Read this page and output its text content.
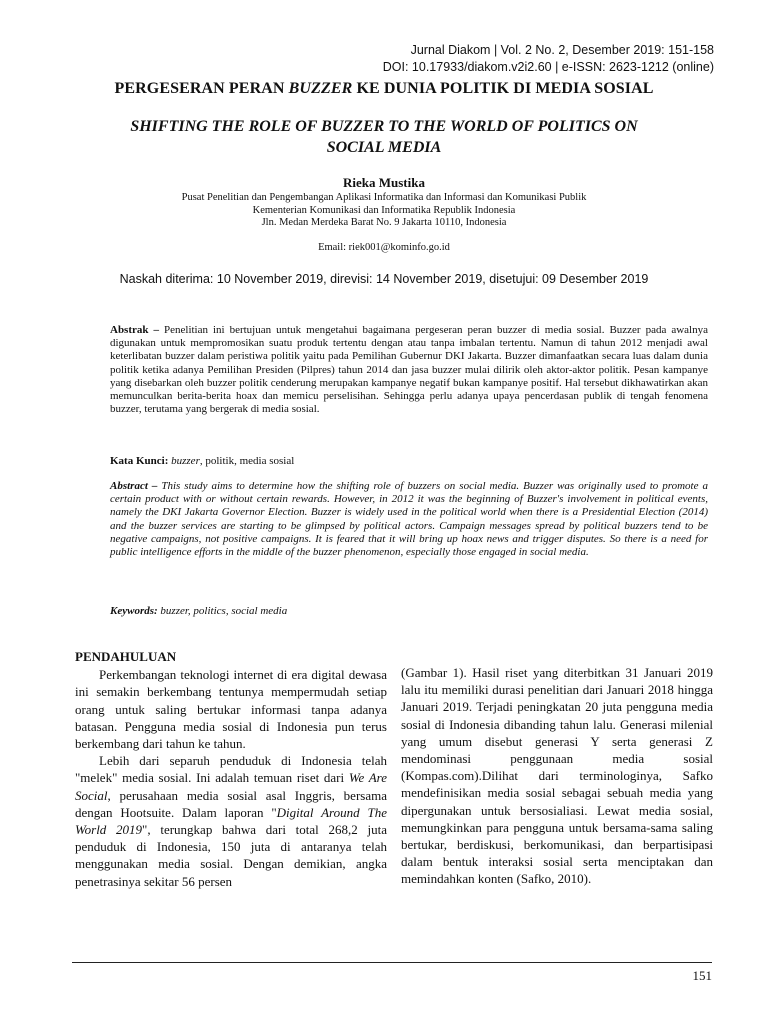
Jurnal Diakom | Vol. 2 No. 2, Desember 2019: 151-158
DOI: 10.17933/diakom.v2i2.60 | e-ISSN: 2623-1212 (online)
PERGESERAN PERAN BUZZER KE DUNIA POLITIK DI MEDIA SOSIAL
SHIFTING THE ROLE OF BUZZER TO THE WORLD OF POLITICS ON
SOCIAL MEDIA
Rieka Mustika
Pusat Penelitian dan Pengembangan Aplikasi Informatika dan Informasi dan Komunikasi Publik
Kementerian Komunikasi dan Informatika Republik Indonesia
Jln. Medan Merdeka Barat No. 9 Jakarta 10110, Indonesia
Email: riek001@kominfo.go.id
Naskah diterima: 10 November 2019, direvisi: 14 November 2019, disetujui: 09 Desember 2019
Abstrak – Penelitian ini bertujuan untuk mengetahui bagaimana pergeseran peran buzzer di media sosial. Buzzer pada awalnya digunakan untuk mempromosikan suatu produk tertentu dengan atau tanpa imbalan tertentu. Namun di tahun 2012 menjadi awal keterlibatan buzzer dalam peristiwa politik yaitu pada Pemilihan Gubernur DKI Jakarta. Buzzer dimanfaatkan secara luas dalam dunia politik ketika adanya Pemilihan Presiden (Pilpres) tahun 2014 dan jasa buzzer mulai dilirik oleh aktor-aktor politik. Pesan kampanye yang disebarkan oleh buzzer politik cenderung merupakan kampanye negatif bukan kampanye positif. Hal tersebut dikhawatirkan akan memunculkan berita-berita hoax dan memicu perselisihan. Sehingga perlu adanya upaya pencerdasan publik di tengah fenomena buzzer, terutama yang bergerak di media sosial.
Kata Kunci: buzzer, politik, media sosial
Abstract – This study aims to determine how the shifting role of buzzers on social media. Buzzer was originally used to promote a certain product with or without certain rewards. However, in 2012 it was the beginning of Buzzer's involvement in political events, namely the DKI Jakarta Governor Election. Buzzer is widely used in the political world when there is a Presidential Election (2014) and the buzzer services are starting to be glimpsed by political actors. Campaign messages spread by political buzzers tend to be negative campaigns, not positive campaigns. It is feared that it will bring up hoax news and trigger disputes. So there is a need for public intelligence efforts in the middle of the buzzer phenomenon, especially those engaged in social media.
Keywords: buzzer, politics, social media
PENDAHULUAN

Perkembangan teknologi internet di era digital dewasa ini semakin berkembang tentunya mempermudah setiap orang untuk saling bertukar informasi tanpa adanya batasan. Pengguna media sosial di Indonesia pun terus berkembang dari tahun ke tahun.

Lebih dari separuh penduduk di Indonesia telah "melek" media sosial. Ini adalah temuan riset dari We Are Social, perusahaan media sosial asal Inggris, bersama dengan Hootsuite. Dalam laporan "Digital Around The World 2019", terungkap bahwa dari total 268,2 juta penduduk di Indonesia, 150 juta di antaranya telah menggunakan media sosial. Dengan demikian, angka penetrasinya sekitar 56 persen

(Gambar 1). Hasil riset yang diterbitkan 31 Januari 2019 lalu itu memiliki durasi penelitian dari Januari 2018 hingga Januari 2019. Terjadi peningkatan 20 juta pengguna media sosial di Indonesia dibanding tahun lalu. Generasi milenial yang umum disebut generasi Y serta generasi Z mendominasi penggunaan media sosial (Kompas.com).Dilihat dari terminologinya, Safko mendefinisikan media sosial sebagai sebuah media yang dipergunakan untuk bersosialiasi. Lewat media sosial, memungkinkan para pengguna untuk bersama-sama saling bertukar, berdiskusi, berkomunikasi, dan berpartisipasi dalam bentuk interaksi sosial serta menciptakan dan memindahkan konten (Safko, 2010).

151
